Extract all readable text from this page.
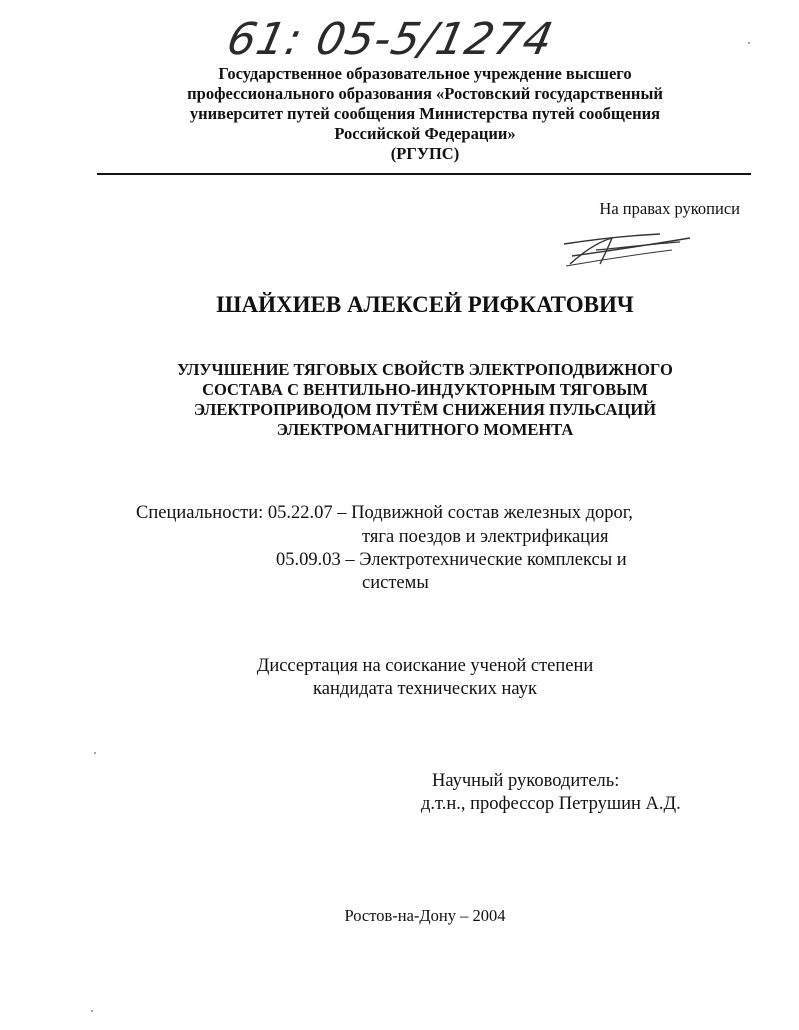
61: 05-5/1274
Государственное образовательное учреждение высшего
профессионального образования «Ростовский государственный
университет путей сообщения Министерства путей сообщения
Российской Федерации»
(РГУПС)
На правах рукописи
ШАЙХИЕВ АЛЕКСЕЙ РИФКАТОВИЧ
УЛУЧШЕНИЕ ТЯГОВЫХ СВОЙСТВ ЭЛЕКТРОПОДВИЖНОГО
СОСТАВА С ВЕНТИЛЬНО-ИНДУКТОРНЫМ ТЯГОВЫМ
ЭЛЕКТРОПРИВОДОМ ПУТЁМ СНИЖЕНИЯ ПУЛЬСАЦИЙ
ЭЛЕКТРОМАГНИТНОГО МОМЕНТА
Специальности: 05.22.07 – Подвижной состав железных дорог,
тяга поездов и электрификация
05.09.03 – Электротехнические комплексы и
системы
Диссертация на соискание ученой степени
кандидата технических наук
Научный руководитель:
д.т.н., профессор Петрушин А.Д.
Ростов-на-Дону – 2004
